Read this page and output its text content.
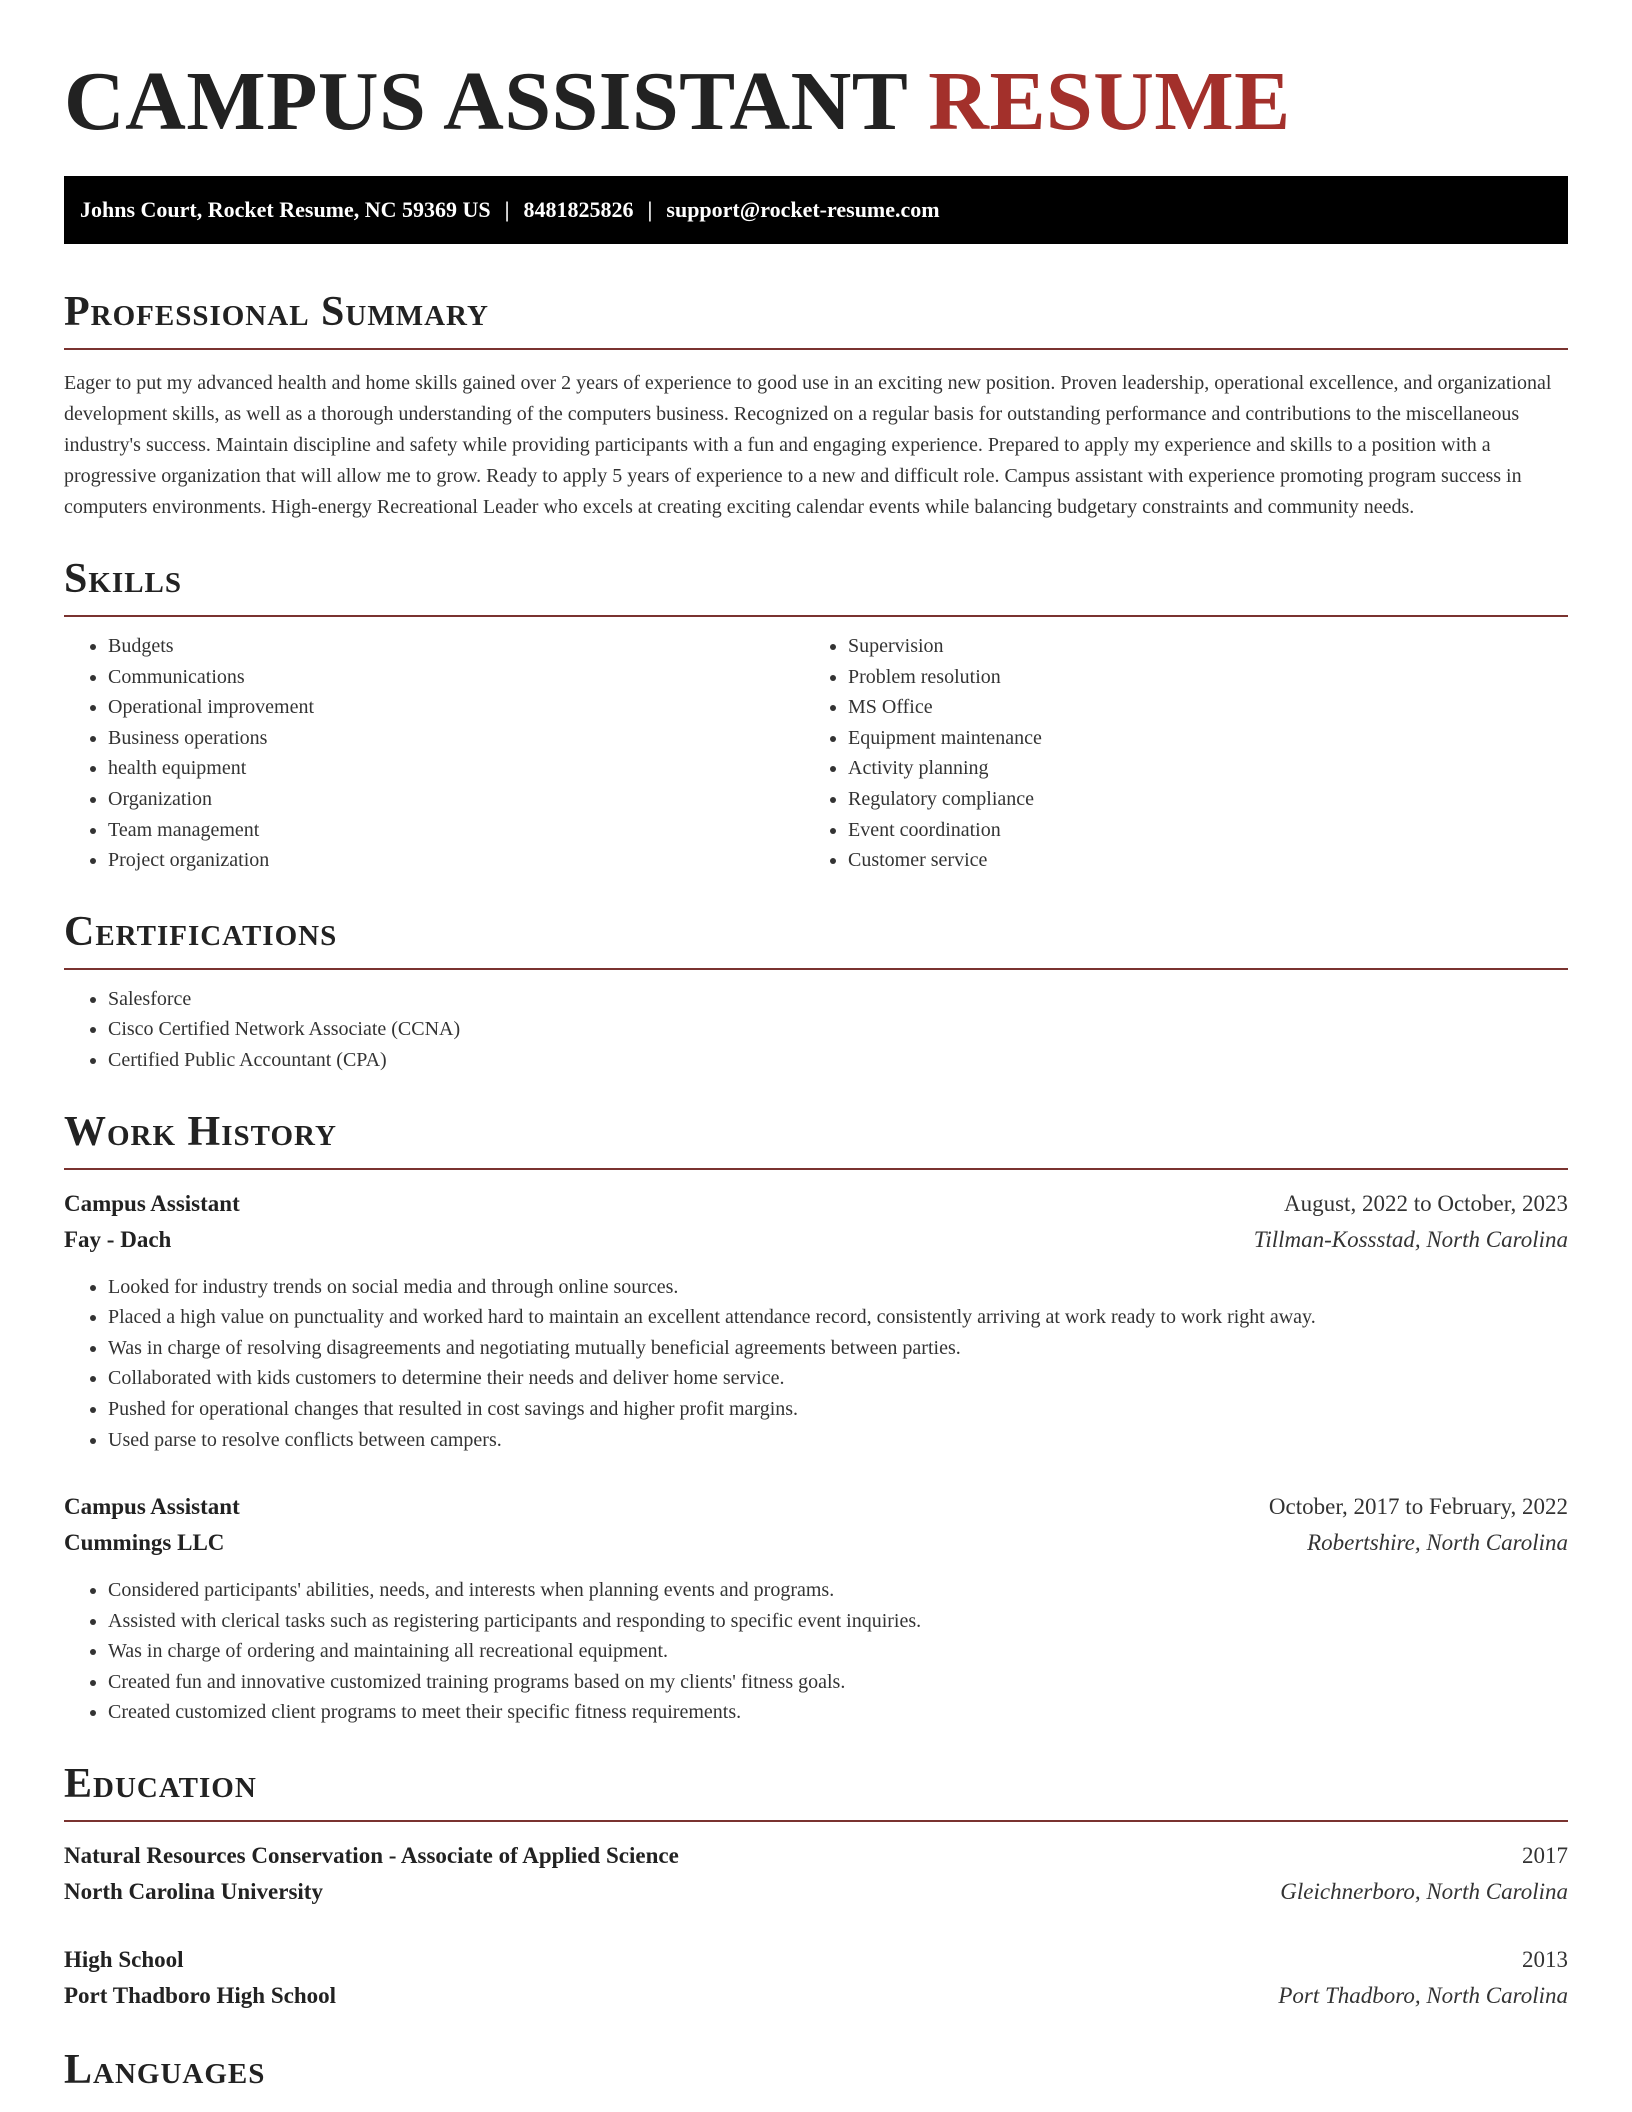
CAMPUS ASSISTANT RESUME
Johns Court, Rocket Resume, NC 59369 US | 8481825826 | support@rocket-resume.com
Professional Summary

Eager to put my advanced health and home skills gained over 2 years of experience to good use in an exciting new position. Proven leadership, operational excellence, and organizational development skills, as well as a thorough understanding of the computers business. Recognized on a regular basis for outstanding performance and contributions to the miscellaneous industry's success. Maintain discipline and safety while providing participants with a fun and engaging experience. Prepared to apply my experience and skills to a position with a progressive organization that will allow me to grow. Ready to apply 5 years of experience to a new and difficult role. Campus assistant with experience promoting program success in computers environments. High-energy Recreational Leader who excels at creating exciting calendar events while balancing budgetary constraints and community needs.

Skills
• Budgets
• Communications
• Operational improvement
• Business operations
• health equipment
• Organization
• Team management
• Project organization
• Supervision
• Problem resolution
• MS Office
• Equipment maintenance
• Activity planning
• Regulatory compliance
• Event coordination
• Customer service
Certifications
• Salesforce
• Cisco Certified Network Associate (CCNA)
• Certified Public Accountant (CPA)
Work History
Campus Assistant	August, 2022 to October, 2023
Fay - Dach	Tillman-Kossstad, North Carolina
• Looked for industry trends on social media and through online sources.
• Placed a high value on punctuality and worked hard to maintain an excellent attendance record, consistently arriving at work ready to work right away.
• Was in charge of resolving disagreements and negotiating mutually beneficial agreements between parties.
• Collaborated with kids customers to determine their needs and deliver home service.
• Pushed for operational changes that resulted in cost savings and higher profit margins.
• Used parse to resolve conflicts between campers.
Campus Assistant	October, 2017 to February, 2022
Cummings LLC	Robertshire, North Carolina
• Considered participants' abilities, needs, and interests when planning events and programs.
• Assisted with clerical tasks such as registering participants and responding to specific event inquiries.
• Was in charge of ordering and maintaining all recreational equipment.
• Created fun and innovative customized training programs based on my clients' fitness goals.
• Created customized client programs to meet their specific fitness requirements.
Education
Natural Resources Conservation - Associate of Applied Science	2017
North Carolina University	Gleichnerboro, North Carolina
High School	2013
Port Thadboro High School	Port Thadboro, North Carolina
Languages
